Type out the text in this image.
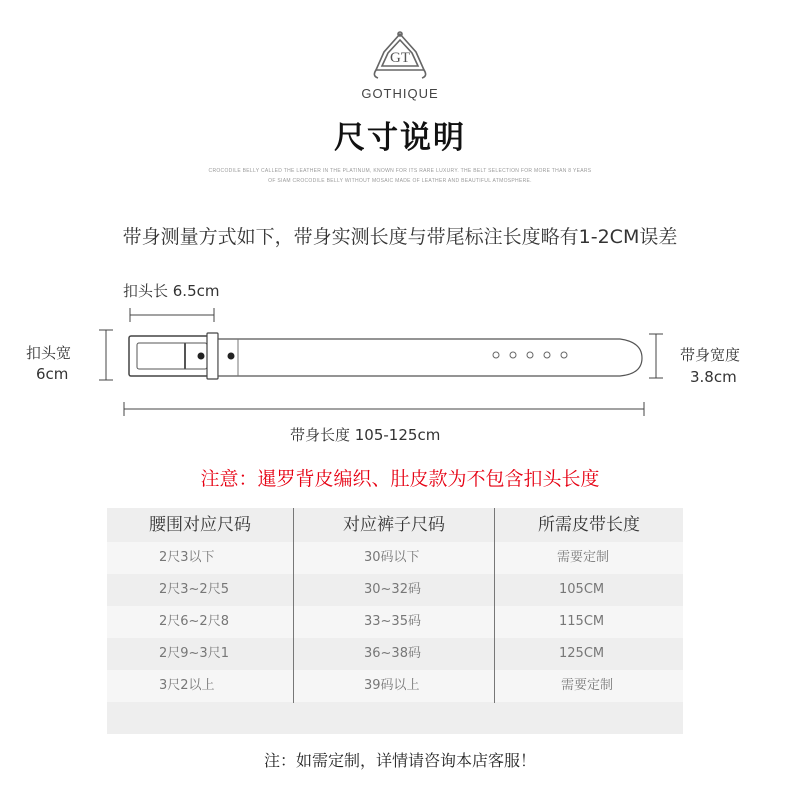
GT
GOTHIQUE
尺寸说明
CROCODILE BELLY CALLED THE LEATHER IN THE PLATINUM, KNOWN FOR ITS RARE LUXURY. THE BELT SELECTION FOR MORE THAN 8 YEARS
OF SIAM CROCODILE BELLY WITHOUT MOSAIC MADE OF LEATHER AND BEAUTIFUL ATMOSPHERE.
带身测量方式如下，带身实测长度与带尾标注长度略有1-2CM误差
扣头长 6.5cm
扣头宽
6cm
带身宽度
3.8cm
带身长度 105-125cm
注意：暹罗背皮编织、肚皮款为不包含扣头长度
腰围对应尺码	对应裤子尺码	所需皮带长度
2尺3以下	30码以下	需要定制
2尺3~2尺5	30~32码	105CM
2尺6~2尺8	33~35码	115CM
2尺9~3尺1	36~38码	125CM
3尺2以上	39码以上	需要定制
注：如需定制，详情请咨询本店客服！
